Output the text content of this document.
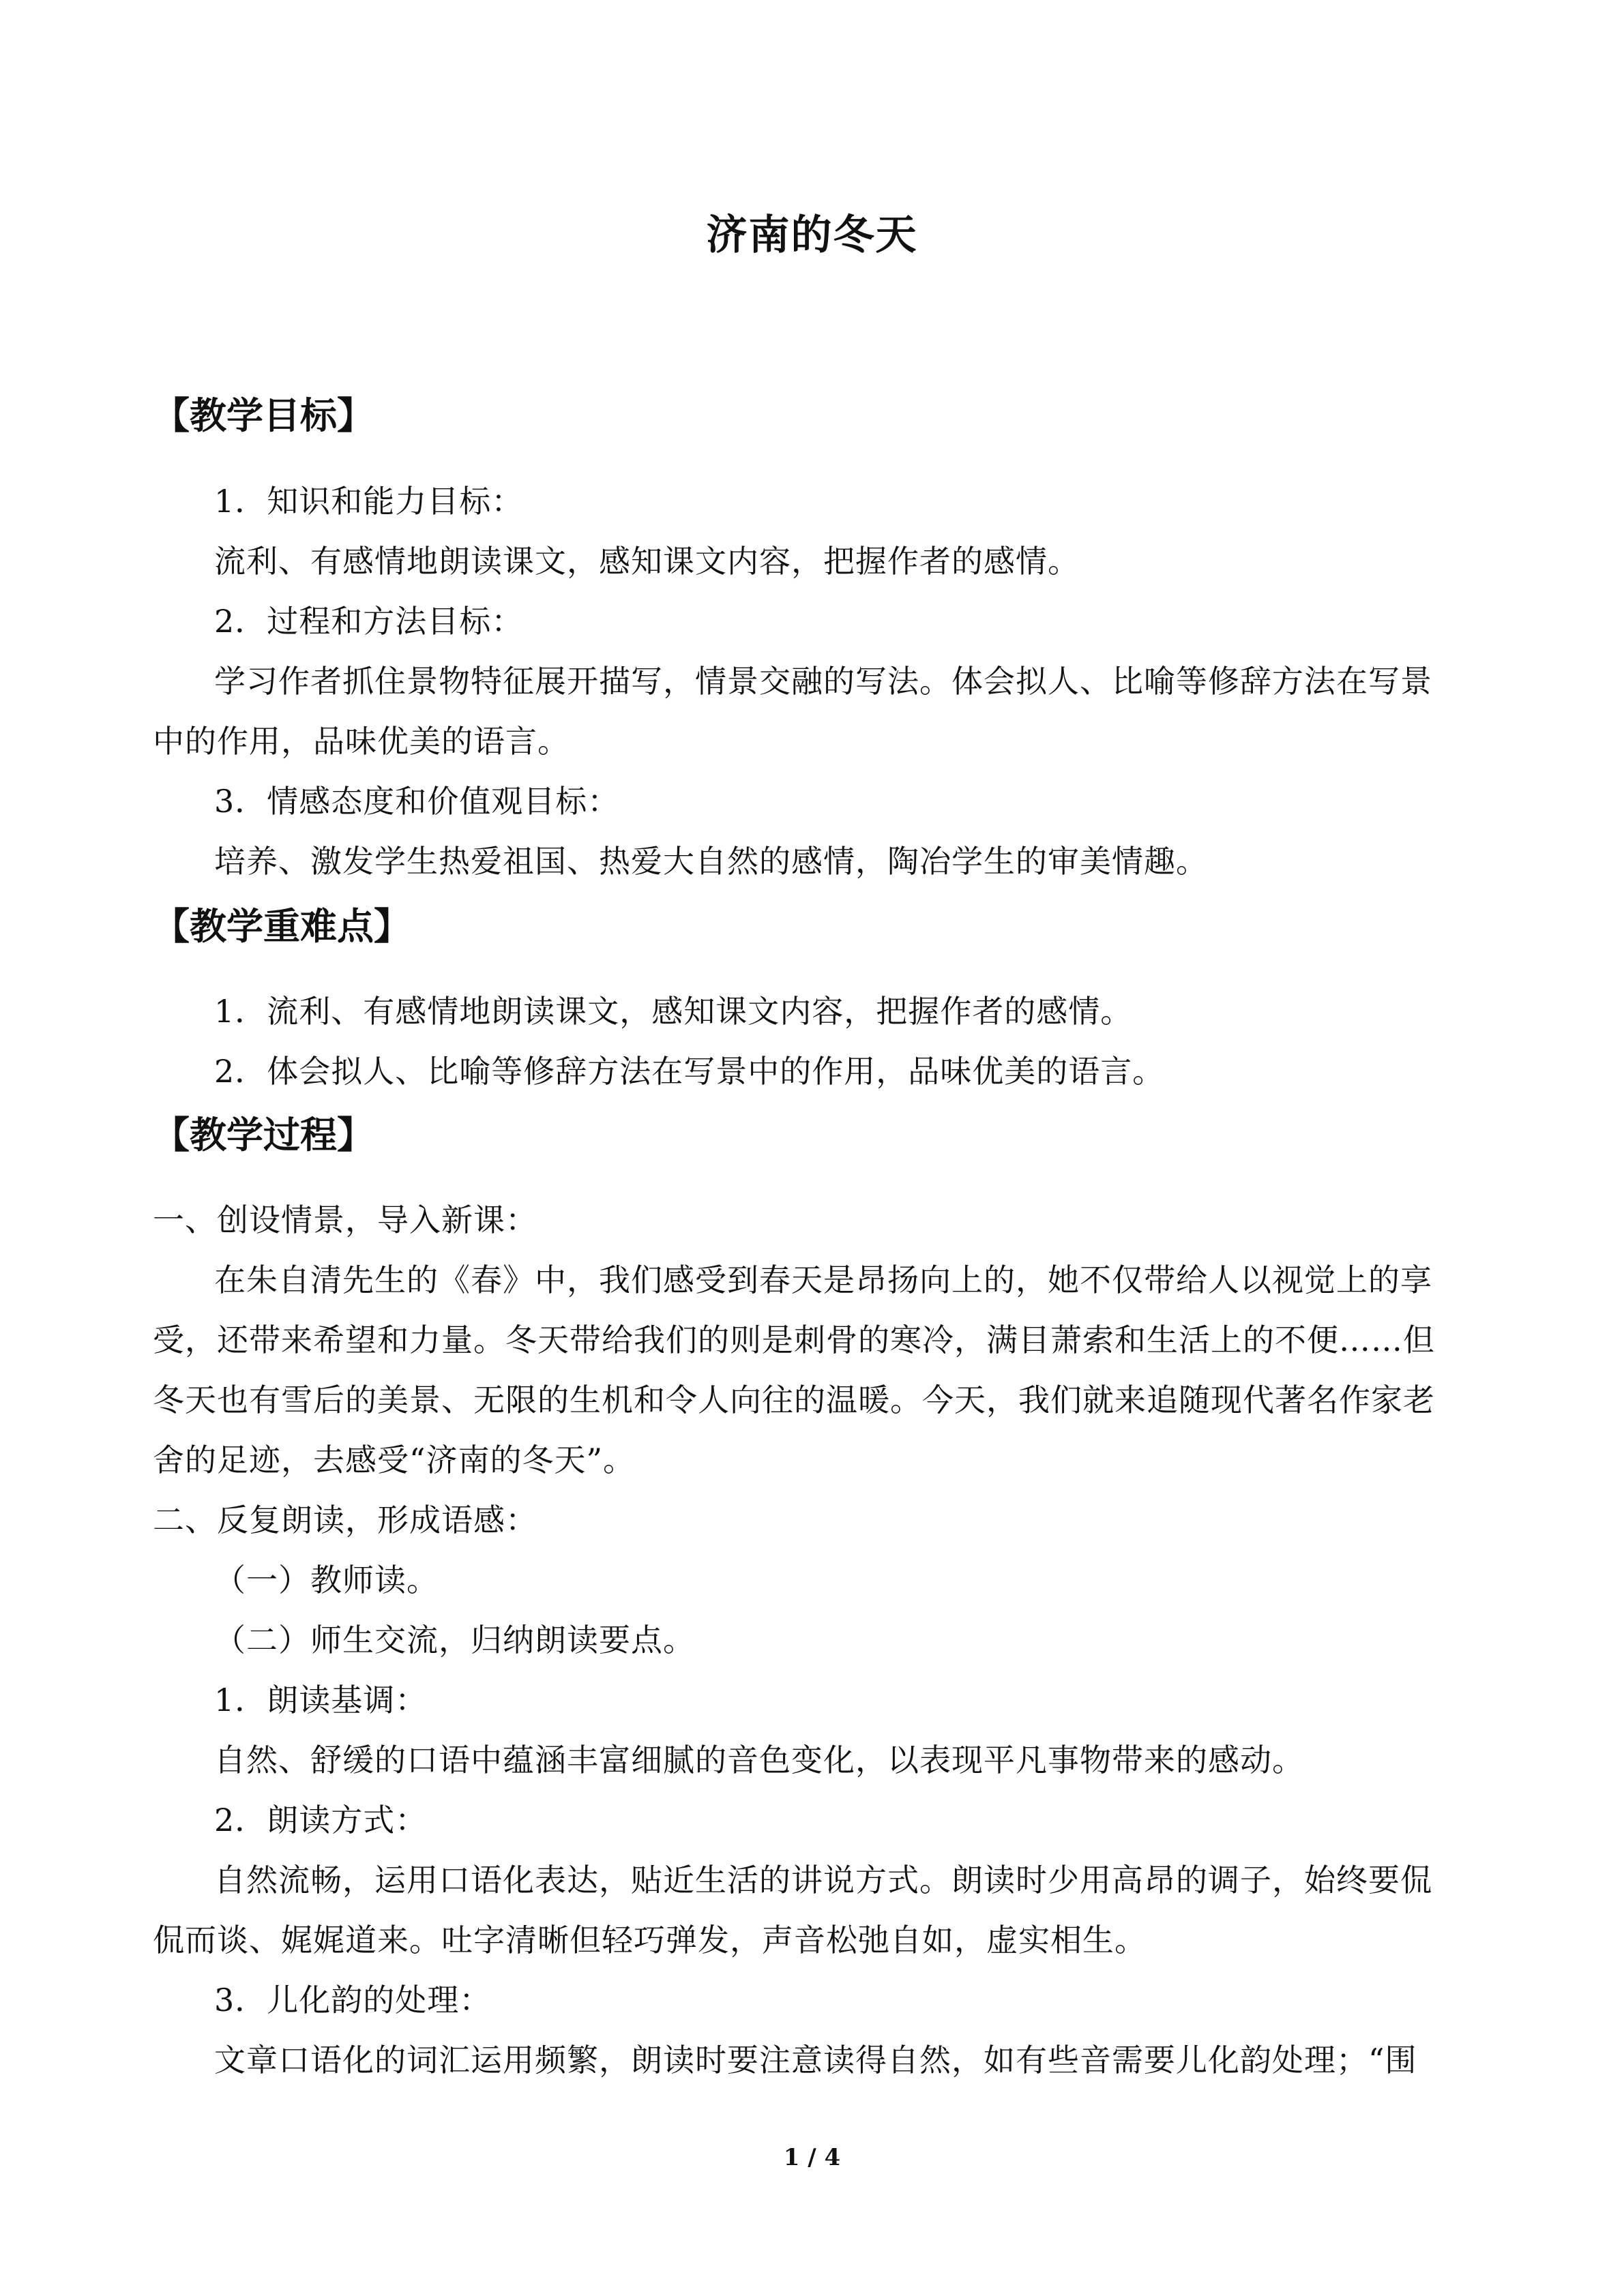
济南的冬天
【教学目标】
1．知识和能力目标：
流利、有感情地朗读课文，感知课文内容，把握作者的感情。
2．过程和方法目标：
学习作者抓住景物特征展开描写，情景交融的写法。体会拟人、比喻等修辞方法在写景
中的作用，品味优美的语言。
3．情感态度和价值观目标：
培养、激发学生热爱祖国、热爱大自然的感情，陶冶学生的审美情趣。
【教学重难点】
1．流利、有感情地朗读课文，感知课文内容，把握作者的感情。
2．体会拟人、比喻等修辞方法在写景中的作用，品味优美的语言。
【教学过程】
一、创设情景，导入新课：
在朱自清先生的《春》中，我们感受到春天是昂扬向上的，她不仅带给人以视觉上的享
受，还带来希望和力量。冬天带给我们的则是刺骨的寒冷，满目萧索和生活上的不便……但
冬天也有雪后的美景、无限的生机和令人向往的温暖。今天，我们就来追随现代著名作家老
舍的足迹，去感受“济南的冬天”。
二、反复朗读，形成语感：
（一）教师读。
（二）师生交流，归纳朗读要点。
1．朗读基调：
自然、舒缓的口语中蕴涵丰富细腻的音色变化，以表现平凡事物带来的感动。
2．朗读方式：
自然流畅，运用口语化表达，贴近生活的讲说方式。朗读时少用高昂的调子，始终要侃
侃而谈、娓娓道来。吐字清晰但轻巧弹发，声音松弛自如，虚实相生。
3．儿化韵的处理：
文章口语化的词汇运用频繁，朗读时要注意读得自然，如有些音需要儿化韵处理；“围
1 / 4
